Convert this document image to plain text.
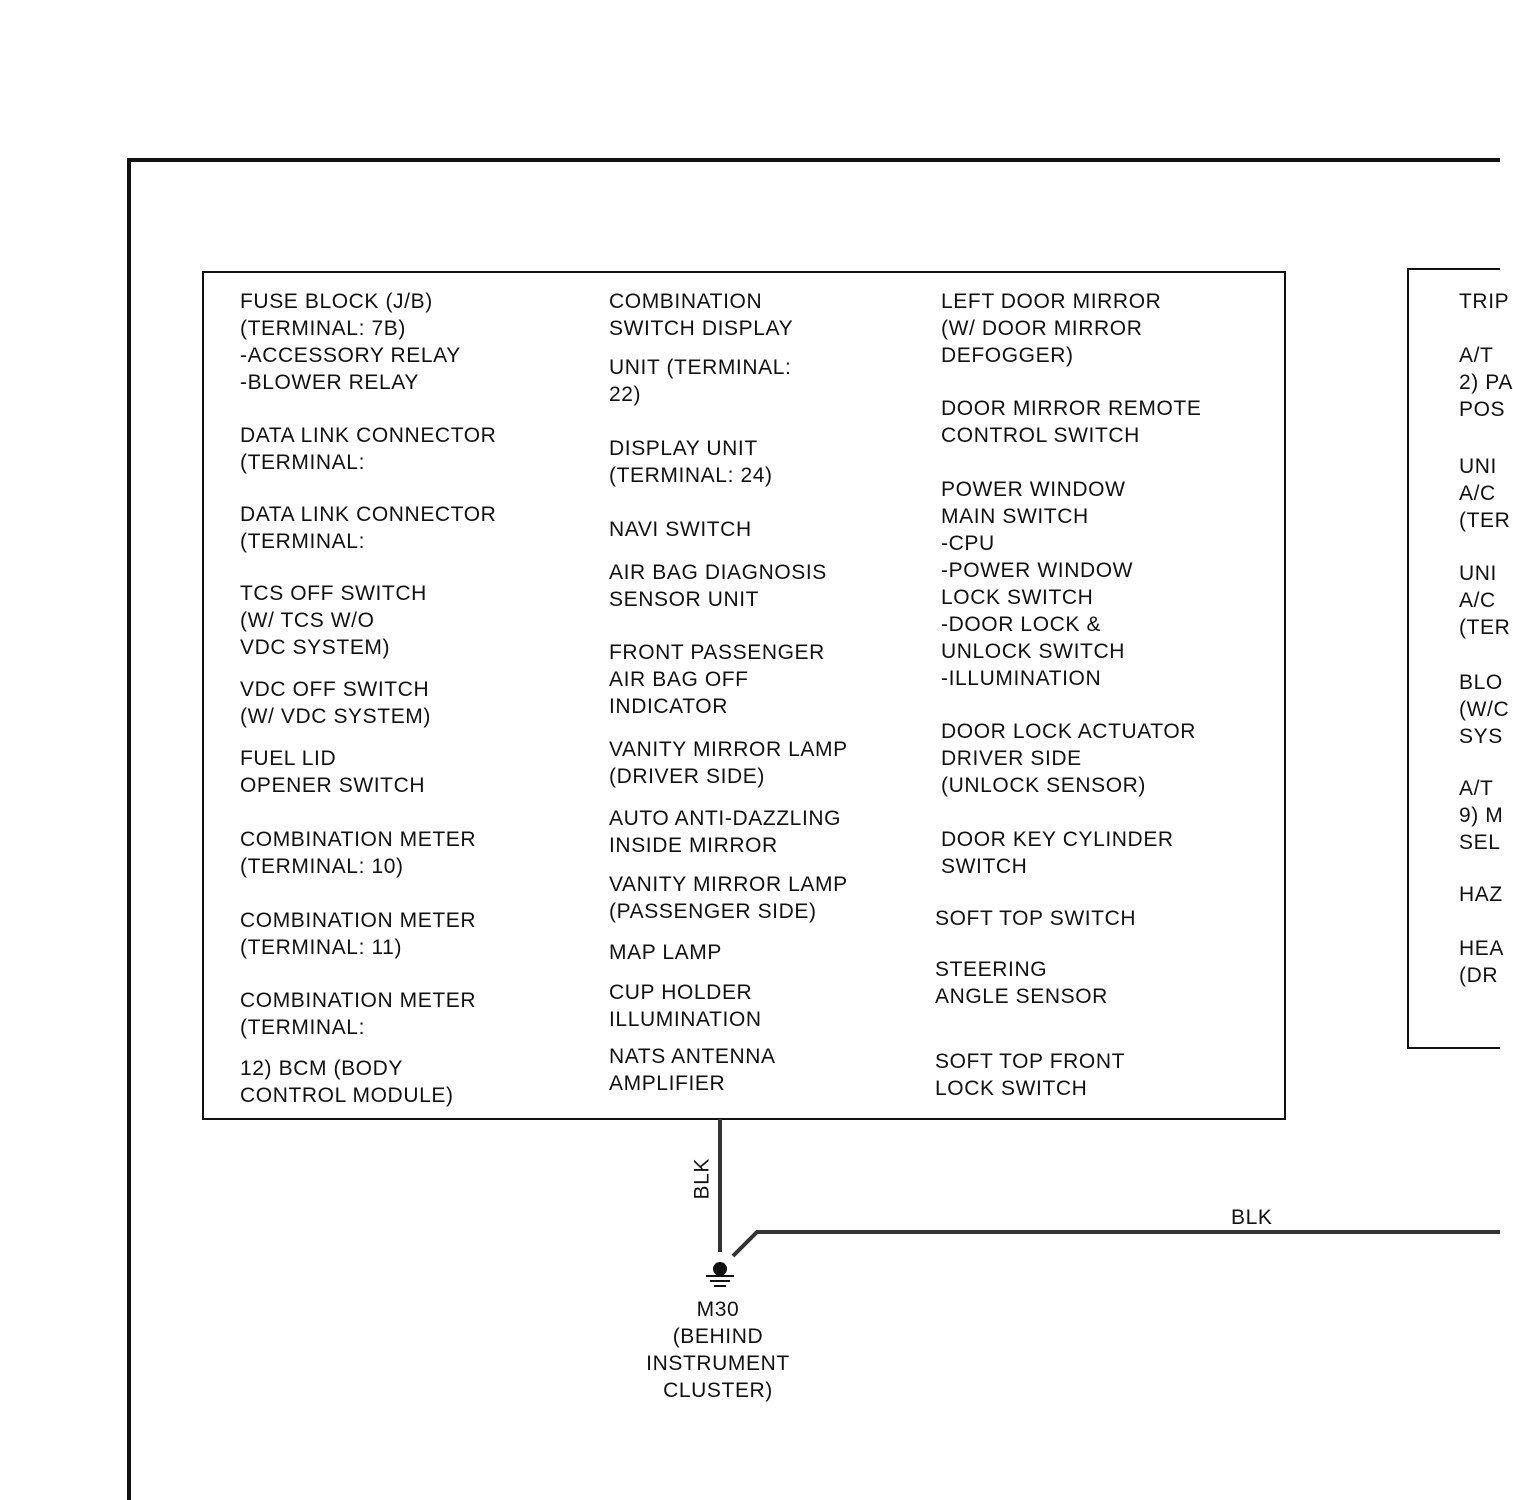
FUSE BLOCK (J/B)
(TERMINAL: 7B)
-ACCESSORY RELAY
-BLOWER RELAY

DATA LINK CONNECTOR
(TERMINAL:

DATA LINK CONNECTOR
(TERMINAL:

TCS OFF SWITCH
(W/ TCS W/O
VDC SYSTEM)

VDC OFF SWITCH
(W/ VDC SYSTEM)

FUEL LID
OPENER SWITCH

COMBINATION METER
(TERMINAL: 10)

COMBINATION METER
(TERMINAL: 11)

COMBINATION METER
(TERMINAL:

12) BCM (BODY
CONTROL MODULE)

COMBINATION
SWITCH DISPLAY

UNIT (TERMINAL:
22)

DISPLAY UNIT
(TERMINAL: 24)

NAVI SWITCH

AIR BAG DIAGNOSIS
SENSOR UNIT

FRONT PASSENGER
AIR BAG OFF
INDICATOR

VANITY MIRROR LAMP
(DRIVER SIDE)

AUTO ANTI-DAZZLING
INSIDE MIRROR

VANITY MIRROR LAMP
(PASSENGER SIDE)

MAP LAMP

CUP HOLDER
ILLUMINATION

NATS ANTENNA
AMPLIFIER

LEFT DOOR MIRROR
(W/ DOOR MIRROR
DEFOGGER)

DOOR MIRROR REMOTE
CONTROL SWITCH

POWER WINDOW
MAIN SWITCH
-CPU
-POWER WINDOW
LOCK SWITCH
-DOOR LOCK &
UNLOCK SWITCH
-ILLUMINATION

DOOR LOCK ACTUATOR
DRIVER SIDE
(UNLOCK SENSOR)

DOOR KEY CYLINDER
SWITCH

SOFT TOP SWITCH

STEERING
ANGLE SENSOR

SOFT TOP FRONT
LOCK SWITCH

TRIP

A/T
2) PA
POS

UNI
A/C
(TER

UNI
A/C
(TER

BLO
(W/C
SYS

A/T
9) M
SEL

HAZ

HEA
(DR

BLK

BLK

M30
(BEHIND
INSTRUMENT
CLUSTER)
